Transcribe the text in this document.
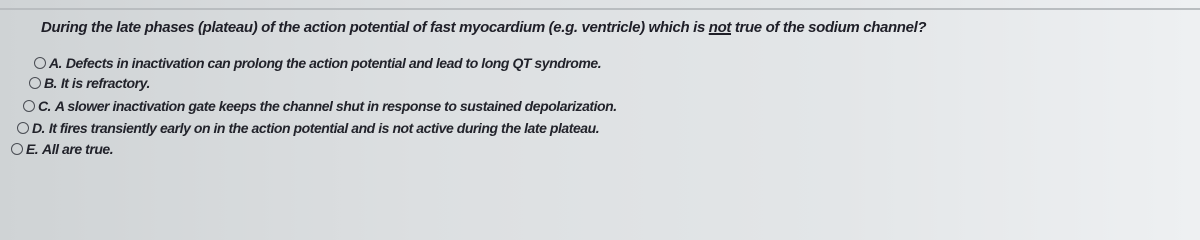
During the late phases (plateau) of the action potential of fast myocardium (e.g. ventricle) which is not true of the sodium channel?
A. Defects in inactivation can prolong the action potential and lead to long QT syndrome.
B. It is refractory.
C. A slower inactivation gate keeps the channel shut in response to sustained depolarization.
D. It fires transiently early on in the action potential and is not active during the late plateau.
E. All are true.
